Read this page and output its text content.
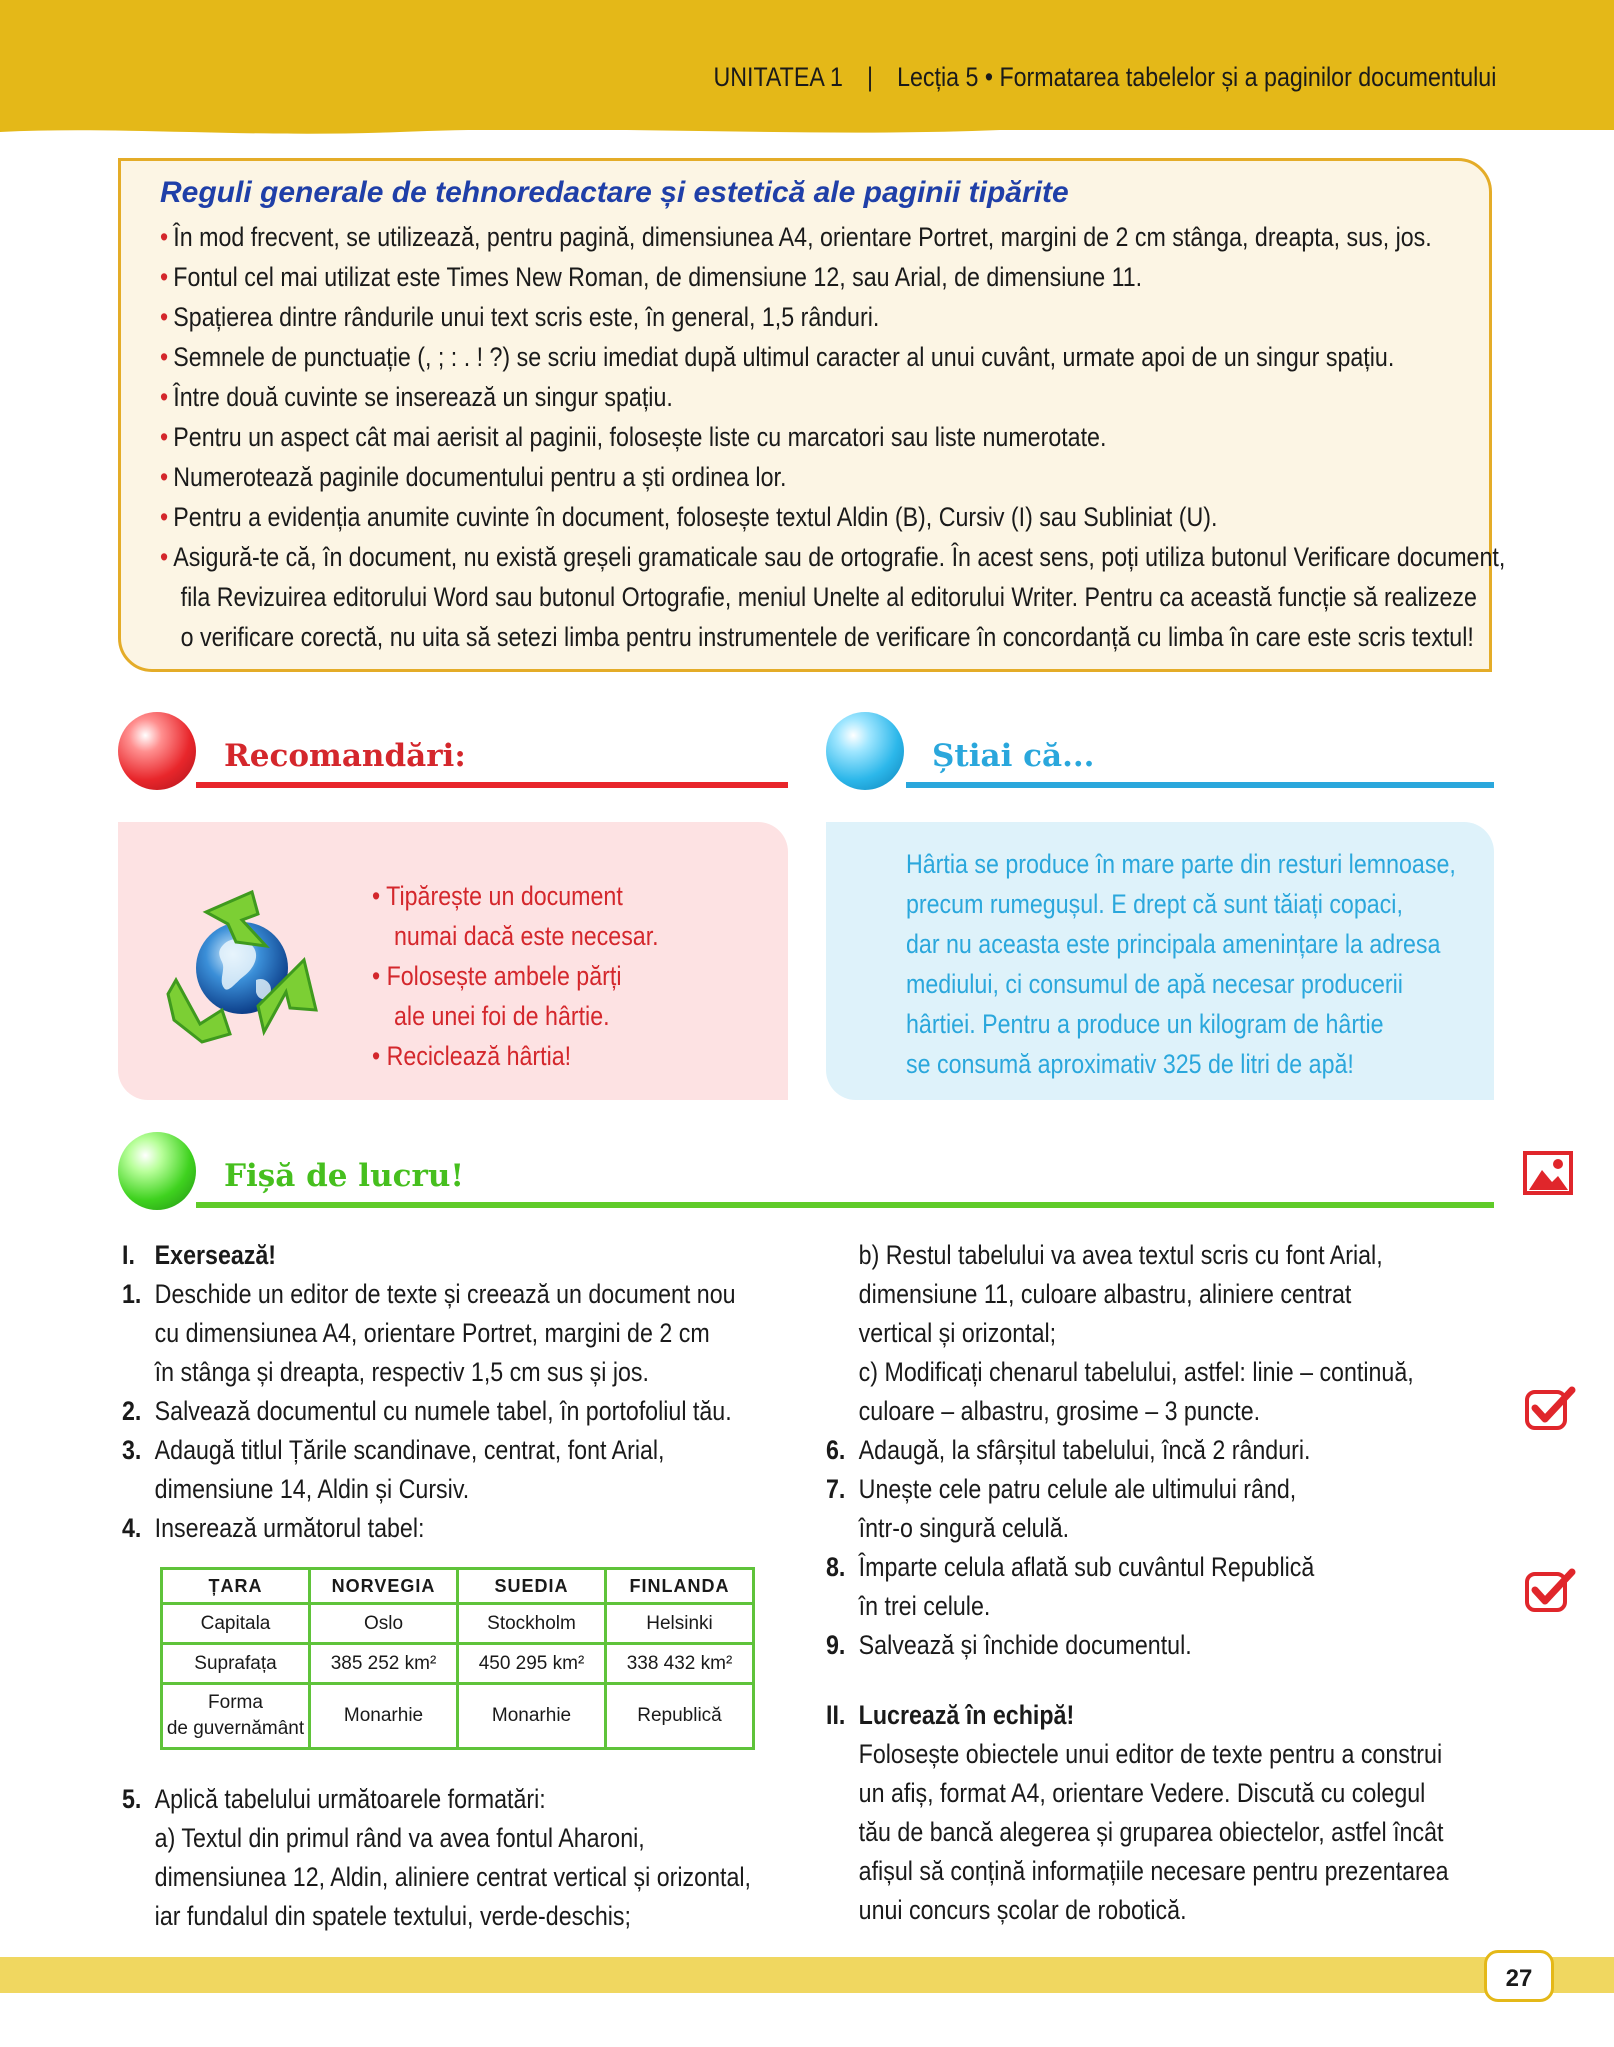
UNITATEA 1 | Lecția 5 • Formatarea tabelelor și a paginilor documentului
Reguli generale de tehnoredactare și estetică ale paginii tipărite
• În mod frecvent, se utilizează, pentru pagină, dimensiunea A4, orientare Portret, margini de 2 cm stânga, dreapta, sus, jos.
• Fontul cel mai utilizat este Times New Roman, de dimensiune 12, sau Arial, de dimensiune 11.
• Spațierea dintre rândurile unui text scris este, în general, 1,5 rânduri.
• Semnele de punctuație (, ; : . ! ?) se scriu imediat după ultimul caracter al unui cuvânt, urmate apoi de un singur spațiu.
• Între două cuvinte se inserează un singur spațiu.
• Pentru un aspect cât mai aerisit al paginii, folosește liste cu marcatori sau liste numerotate.
• Numerotează paginile documentului pentru a ști ordinea lor.
• Pentru a evidenția anumite cuvinte în document, folosește textul Aldin (B), Cursiv (I) sau Subliniat (U).
• Asigură-te că, în document, nu există greșeli gramaticale sau de ortografie. În acest sens, poți utiliza butonul Verificare document,
fila Revizuirea editorului Word sau butonul Ortografie, meniul Unelte al editorului Writer. Pentru ca această funcție să realizeze
o verificare corectă, nu uita să setezi limba pentru instrumentele de verificare în concordanță cu limba în care este scris textul!
Recomandări:
• Tipărește un document
numai dacă este necesar.
• Folosește ambele părți
ale unei foi de hârtie.
• Reciclează hârtia!
Știai că...
Hârtia se produce în mare parte din resturi lemnoase,
precum rumegușul. E drept că sunt tăiați copaci,
dar nu aceasta este principala amenințare la adresa
mediului, ci consumul de apă necesar producerii
hârtiei. Pentru a produce un kilogram de hârtie
se consumă aproximativ 325 de litri de apă!
Fișă de lucru!
I. Exersează!
1. Deschide un editor de texte și creează un document nou
cu dimensiunea A4, orientare Portret, margini de 2 cm
în stânga și dreapta, respectiv 1,5 cm sus și jos.
2. Salvează documentul cu numele tabel, în portofoliul tău.
3. Adaugă titlul Țările scandinave, centrat, font Arial,
dimensiune 14, Aldin și Cursiv.
4. Inserează următorul tabel:
ȚARA	NORVEGIA	SUEDIA	FINLANDA
Capitala	Oslo	Stockholm	Helsinki
Suprafața	385 252 km²	450 295 km²	338 432 km²
Forma
de guvernământ	Monarhie	Monarhie	Republică
5. Aplică tabelului următoarele formatări:
a) Textul din primul rând va avea fontul Aharoni,
dimensiunea 12, Aldin, aliniere centrat vertical și orizontal,
iar fundalul din spatele textului, verde-deschis;
b) Restul tabelului va avea textul scris cu font Arial,
dimensiune 11, culoare albastru, aliniere centrat
vertical și orizontal;
c) Modificați chenarul tabelului, astfel: linie – continuă,
culoare – albastru, grosime – 3 puncte.
6. Adaugă, la sfârșitul tabelului, încă 2 rânduri.
7. Unește cele patru celule ale ultimului rând,
într-o singură celulă.
8. Împarte celula aflată sub cuvântul Republică
în trei celule.
9. Salvează și închide documentul.
II. Lucrează în echipă!
Folosește obiectele unui editor de texte pentru a construi
un afiș, format A4, orientare Vedere. Discută cu colegul
tău de bancă alegerea și gruparea obiectelor, astfel încât
afișul să conțină informațiile necesare pentru prezentarea
unui concurs școlar de robotică.
27
